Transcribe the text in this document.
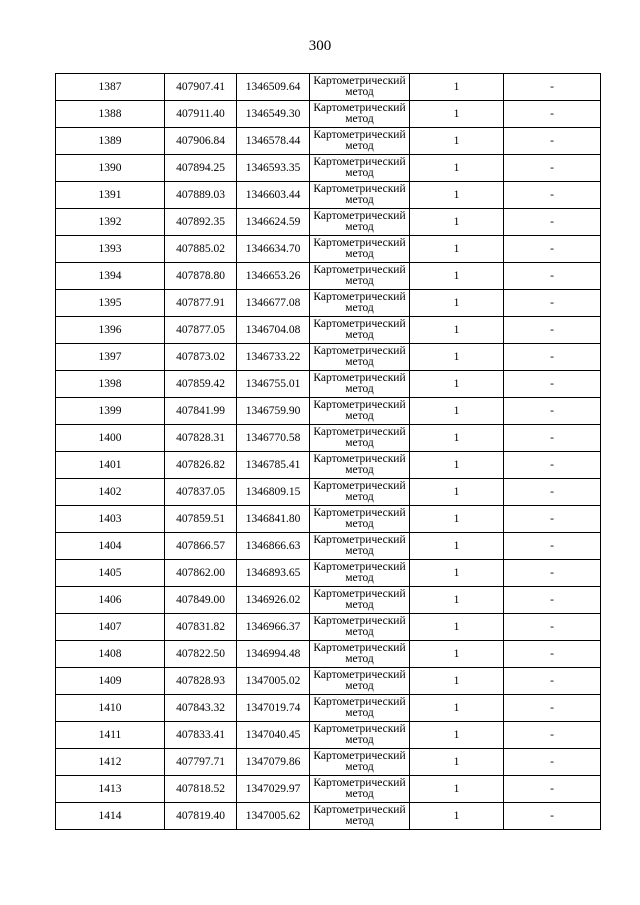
300
1387	407907.41	1346509.64	Картометрический метод	1	-
1388	407911.40	1346549.30	Картометрический метод	1	-
1389	407906.84	1346578.44	Картометрический метод	1	-
1390	407894.25	1346593.35	Картометрический метод	1	-
1391	407889.03	1346603.44	Картометрический метод	1	-
1392	407892.35	1346624.59	Картометрический метод	1	-
1393	407885.02	1346634.70	Картометрический метод	1	-
1394	407878.80	1346653.26	Картометрический метод	1	-
1395	407877.91	1346677.08	Картометрический метод	1	-
1396	407877.05	1346704.08	Картометрический метод	1	-
1397	407873.02	1346733.22	Картометрический метод	1	-
1398	407859.42	1346755.01	Картометрический метод	1	-
1399	407841.99	1346759.90	Картометрический метод	1	-
1400	407828.31	1346770.58	Картометрический метод	1	-
1401	407826.82	1346785.41	Картометрический метод	1	-
1402	407837.05	1346809.15	Картометрический метод	1	-
1403	407859.51	1346841.80	Картометрический метод	1	-
1404	407866.57	1346866.63	Картометрический метод	1	-
1405	407862.00	1346893.65	Картометрический метод	1	-
1406	407849.00	1346926.02	Картометрический метод	1	-
1407	407831.82	1346966.37	Картометрический метод	1	-
1408	407822.50	1346994.48	Картометрический метод	1	-
1409	407828.93	1347005.02	Картометрический метод	1	-
1410	407843.32	1347019.74	Картометрический метод	1	-
1411	407833.41	1347040.45	Картометрический метод	1	-
1412	407797.71	1347079.86	Картометрический метод	1	-
1413	407818.52	1347029.97	Картометрический метод	1	-
1414	407819.40	1347005.62	Картометрический метод	1	-
